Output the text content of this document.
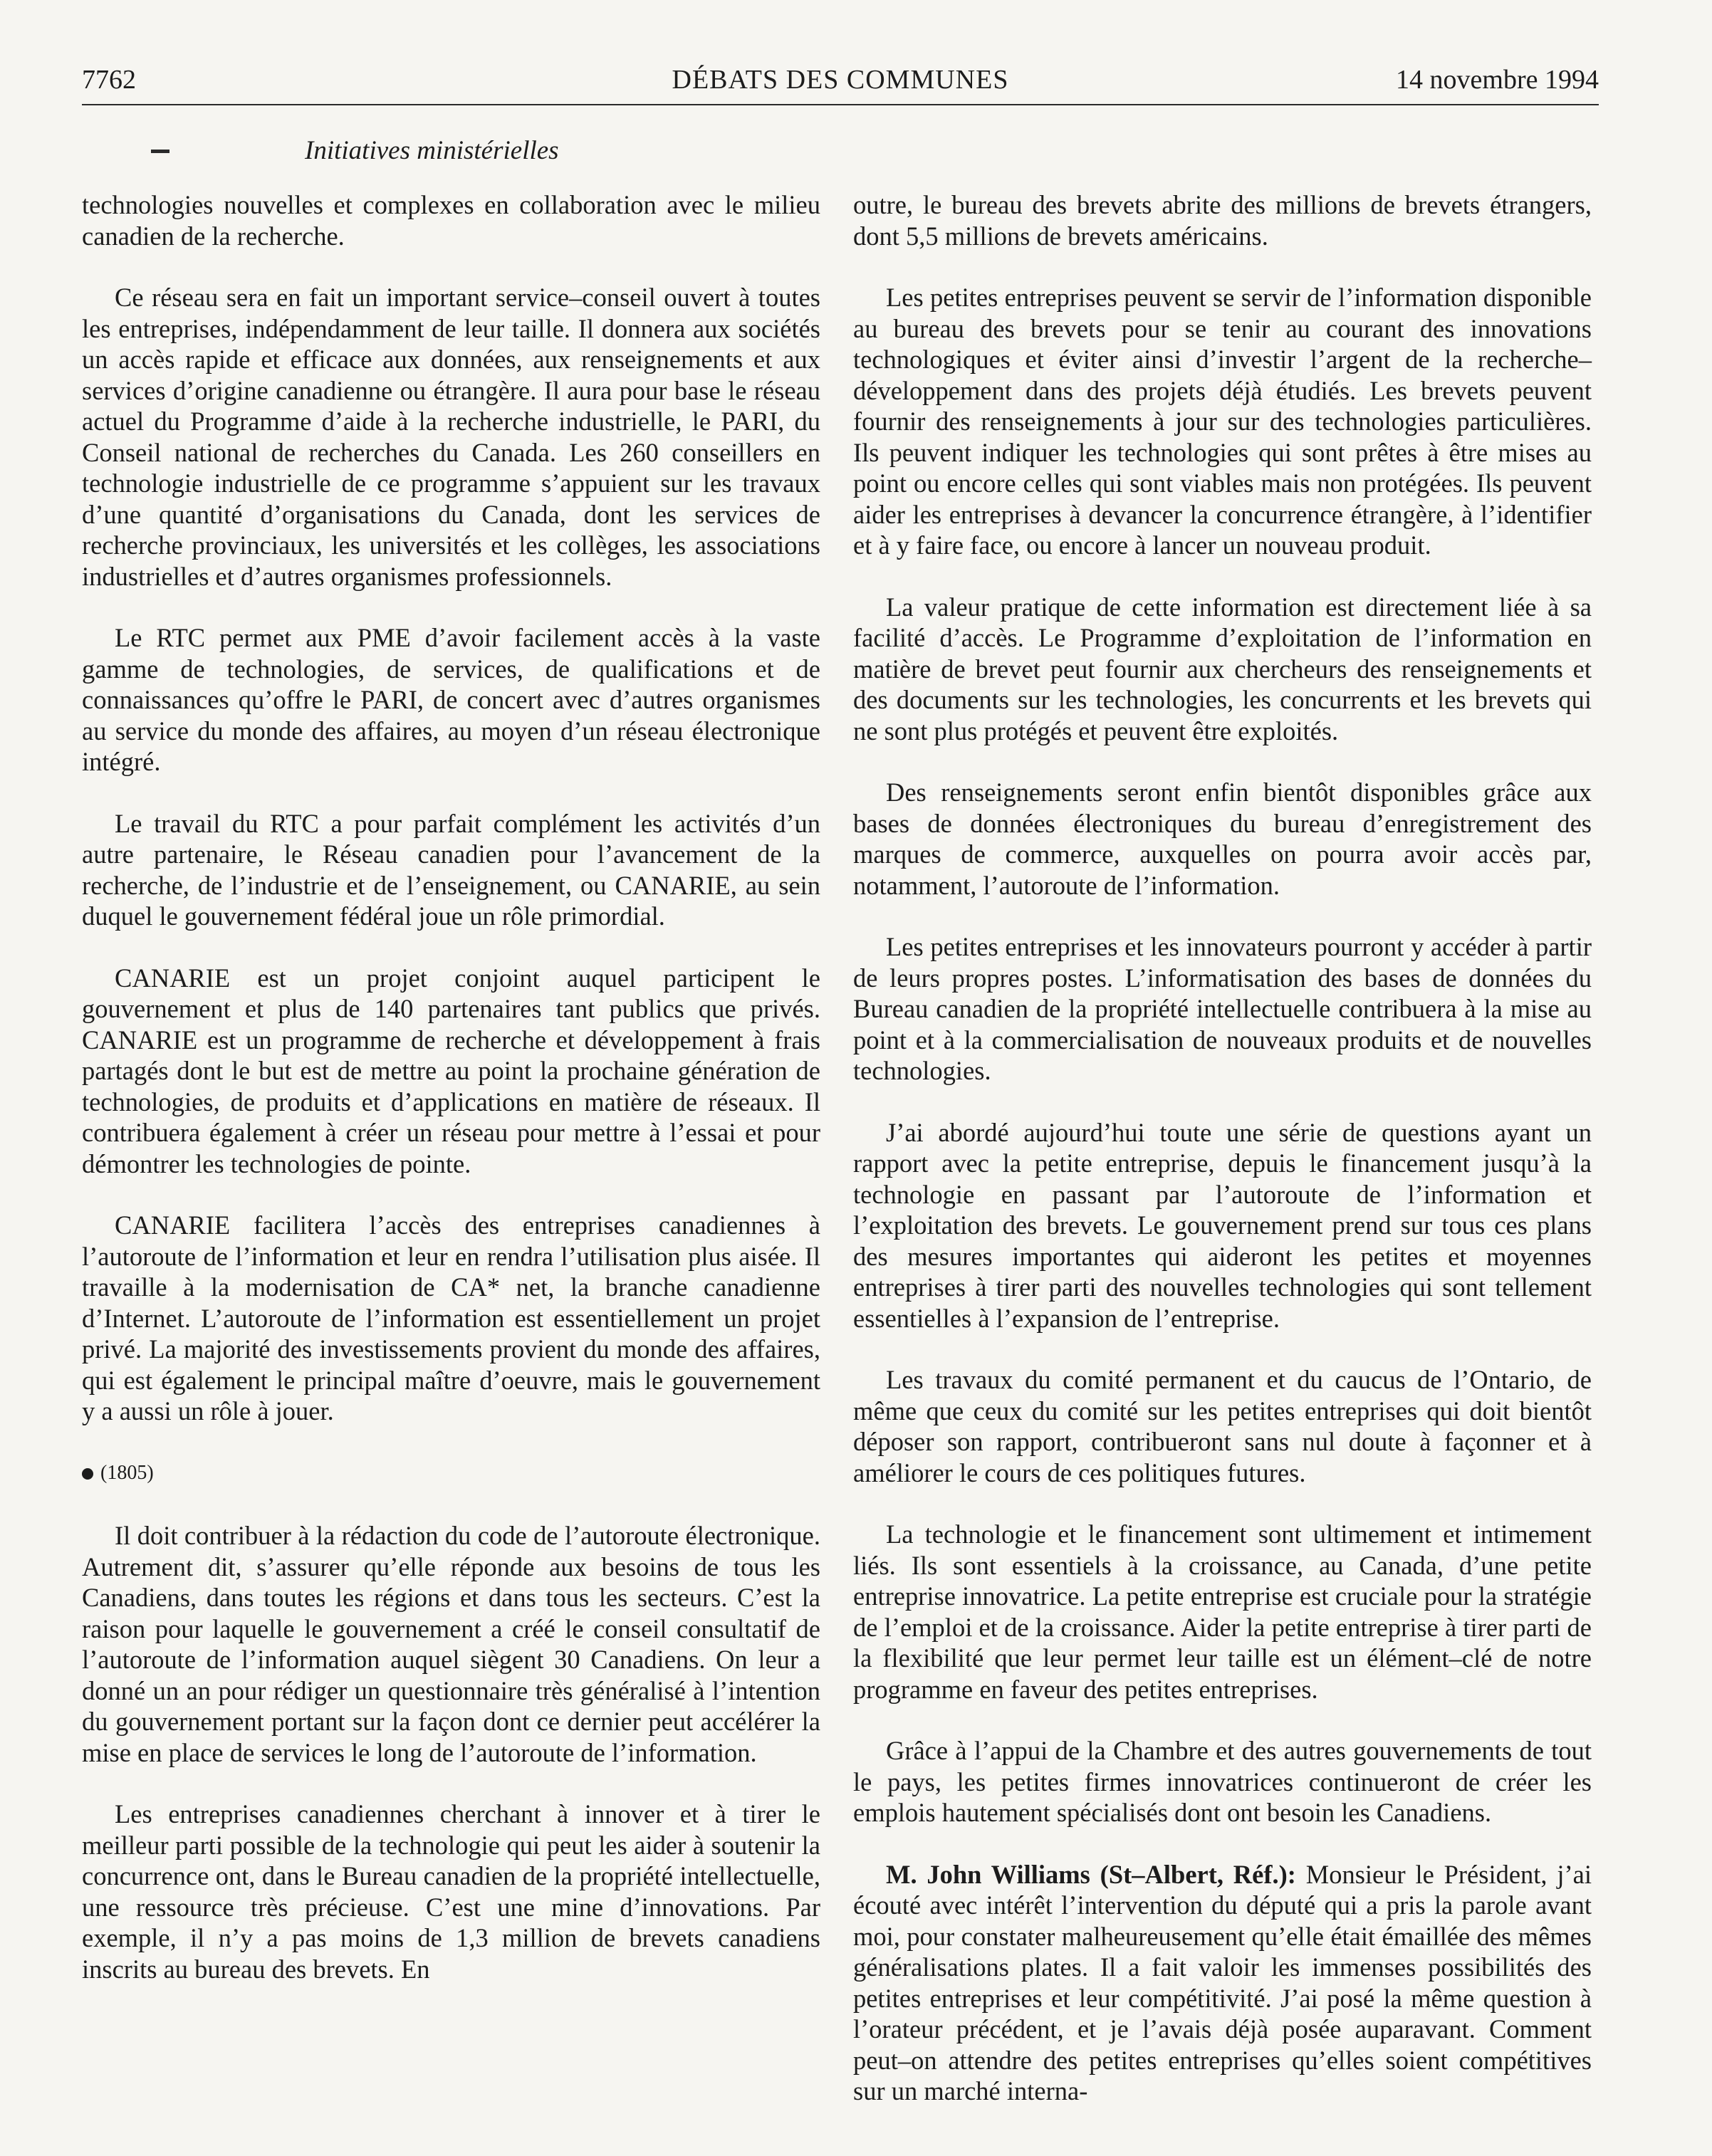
7762	DÉBATS DES COMMUNES	14 novembre 1994
Initiatives ministérielles

technologies nouvelles et complexes en collaboration avec le milieu canadien de la recherche.

Ce réseau sera en fait un important service–conseil ouvert à toutes les entreprises, indépendamment de leur taille. Il donnera aux sociétés un accès rapide et efficace aux données, aux renseignements et aux services d’origine canadienne ou étrangère. Il aura pour base le réseau actuel du Programme d’aide à la recherche industrielle, le PARI, du Conseil national de recherches du Canada. Les 260 conseillers en technologie industrielle de ce programme s’appuient sur les travaux d’une quantité d’organisations du Canada, dont les services de recherche provinciaux, les universités et les collèges, les associations industrielles et d’autres organismes professionnels.

Le RTC permet aux PME d’avoir facilement accès à la vaste gamme de technologies, de services, de qualifications et de connaissances qu’offre le PARI, de concert avec d’autres organismes au service du monde des affaires, au moyen d’un réseau électronique intégré.

Le travail du RTC a pour parfait complément les activités d’un autre partenaire, le Réseau canadien pour l’avancement de la recherche, de l’industrie et de l’enseignement, ou CANARIE, au sein duquel le gouvernement fédéral joue un rôle primordial.

CANARIE est un projet conjoint auquel participent le gouvernement et plus de 140 partenaires tant publics que privés. CANARIE est un programme de recherche et développement à frais partagés dont le but est de mettre au point la prochaine génération de technologies, de produits et d’applications en matière de réseaux. Il contribuera également à créer un réseau pour mettre à l’essai et pour démontrer les technologies de pointe.

CANARIE facilitera l’accès des entreprises canadiennes à l’autoroute de l’information et leur en rendra l’utilisation plus aisée. Il travaille à la modernisation de CA* net, la branche canadienne d’Internet. L’autoroute de l’information est essentiellement un projet privé. La majorité des investissements provient du monde des affaires, qui est également le principal maître d’oeuvre, mais le gouvernement y a aussi un rôle à jouer.

(1805)

Il doit contribuer à la rédaction du code de l’autoroute électronique. Autrement dit, s’assurer qu’elle réponde aux besoins de tous les Canadiens, dans toutes les régions et dans tous les secteurs. C’est la raison pour laquelle le gouvernement a créé le conseil consultatif de l’autoroute de l’information auquel siègent 30 Canadiens. On leur a donné un an pour rédiger un questionnaire très généralisé à l’intention du gouvernement portant sur la façon dont ce dernier peut accélérer la mise en place de services le long de l’autoroute de l’information.

Les entreprises canadiennes cherchant à innover et à tirer le meilleur parti possible de la technologie qui peut les aider à soutenir la concurrence ont, dans le Bureau canadien de la propriété intellectuelle, une ressource très précieuse. C’est une mine d’innovations. Par exemple, il n’y a pas moins de 1,3 million de brevets canadiens inscrits au bureau des brevets. En

outre, le bureau des brevets abrite des millions de brevets étrangers, dont 5,5 millions de brevets américains.

Les petites entreprises peuvent se servir de l’information disponible au bureau des brevets pour se tenir au courant des innovations technologiques et éviter ainsi d’investir l’argent de la recherche–développement dans des projets déjà étudiés. Les brevets peuvent fournir des renseignements à jour sur des technologies particulières. Ils peuvent indiquer les technologies qui sont prêtes à être mises au point ou encore celles qui sont viables mais non protégées. Ils peuvent aider les entreprises à devancer la concurrence étrangère, à l’identifier et à y faire face, ou encore à lancer un nouveau produit.

La valeur pratique de cette information est directement liée à sa facilité d’accès. Le Programme d’exploitation de l’information en matière de brevet peut fournir aux chercheurs des renseignements et des documents sur les technologies, les concurrents et les brevets qui ne sont plus protégés et peuvent être exploités.

Des renseignements seront enfin bientôt disponibles grâce aux bases de données électroniques du bureau d’enregistrement des marques de commerce, auxquelles on pourra avoir accès par, notamment, l’autoroute de l’information.

Les petites entreprises et les innovateurs pourront y accéder à partir de leurs propres postes. L’informatisation des bases de données du Bureau canadien de la propriété intellectuelle contribuera à la mise au point et à la commercialisation de nouveaux produits et de nouvelles technologies.

J’ai abordé aujourd’hui toute une série de questions ayant un rapport avec la petite entreprise, depuis le financement jusqu’à la technologie en passant par l’autoroute de l’information et l’exploitation des brevets. Le gouvernement prend sur tous ces plans des mesures importantes qui aideront les petites et moyennes entreprises à tirer parti des nouvelles technologies qui sont tellement essentielles à l’expansion de l’entreprise.

Les travaux du comité permanent et du caucus de l’Ontario, de même que ceux du comité sur les petites entreprises qui doit bientôt déposer son rapport, contribueront sans nul doute à façonner et à améliorer le cours de ces politiques futures.

La technologie et le financement sont ultimement et intimement liés. Ils sont essentiels à la croissance, au Canada, d’une petite entreprise innovatrice. La petite entreprise est cruciale pour la stratégie de l’emploi et de la croissance. Aider la petite entreprise à tirer parti de la flexibilité que leur permet leur taille est un élément–clé de notre programme en faveur des petites entreprises.

Grâce à l’appui de la Chambre et des autres gouvernements de tout le pays, les petites firmes innovatrices continueront de créer les emplois hautement spécialisés dont ont besoin les Canadiens.

M. John Williams (St–Albert, Réf.): Monsieur le Président, j’ai écouté avec intérêt l’intervention du député qui a pris la parole avant moi, pour constater malheureusement qu’elle était émaillée des mêmes généralisations plates. Il a fait valoir les immenses possibilités des petites entreprises et leur compétitivité. J’ai posé la même question à l’orateur précédent, et je l’avais déjà posée auparavant. Comment peut–on attendre des petites entreprises qu’elles soient compétitives sur un marché interna-
